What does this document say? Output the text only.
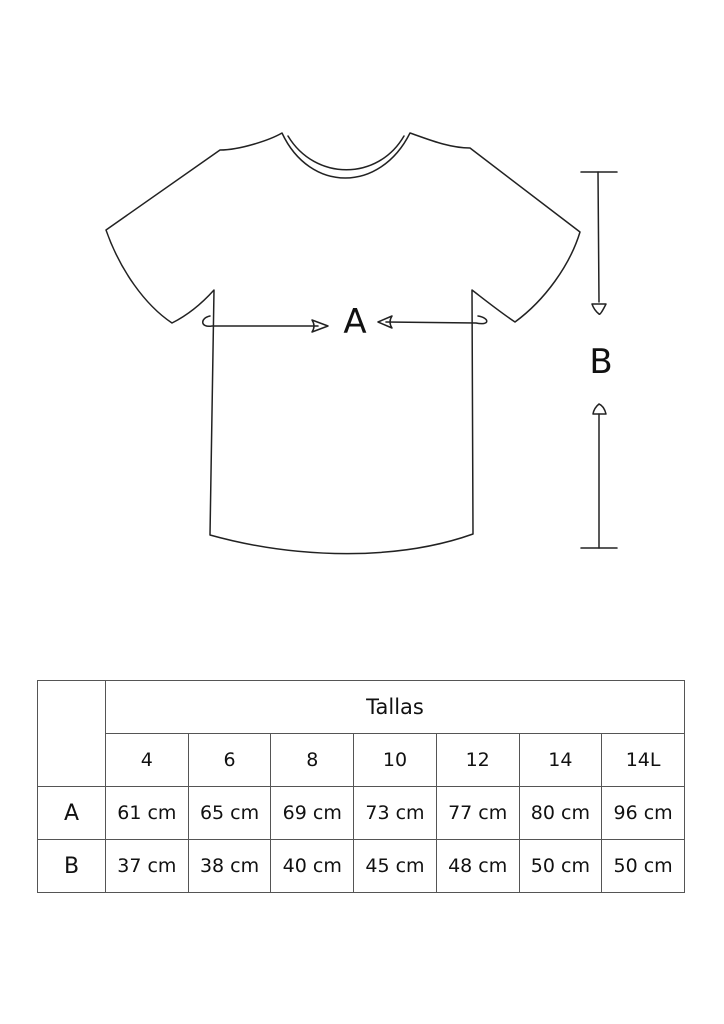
A
B
	Tallas						
	4	6	8	10	12	14	14L
A	61 cm	65 cm	69 cm	73 cm	77 cm	80 cm	96 cm
B	37 cm	38 cm	40 cm	45 cm	48 cm	50 cm	50 cm
